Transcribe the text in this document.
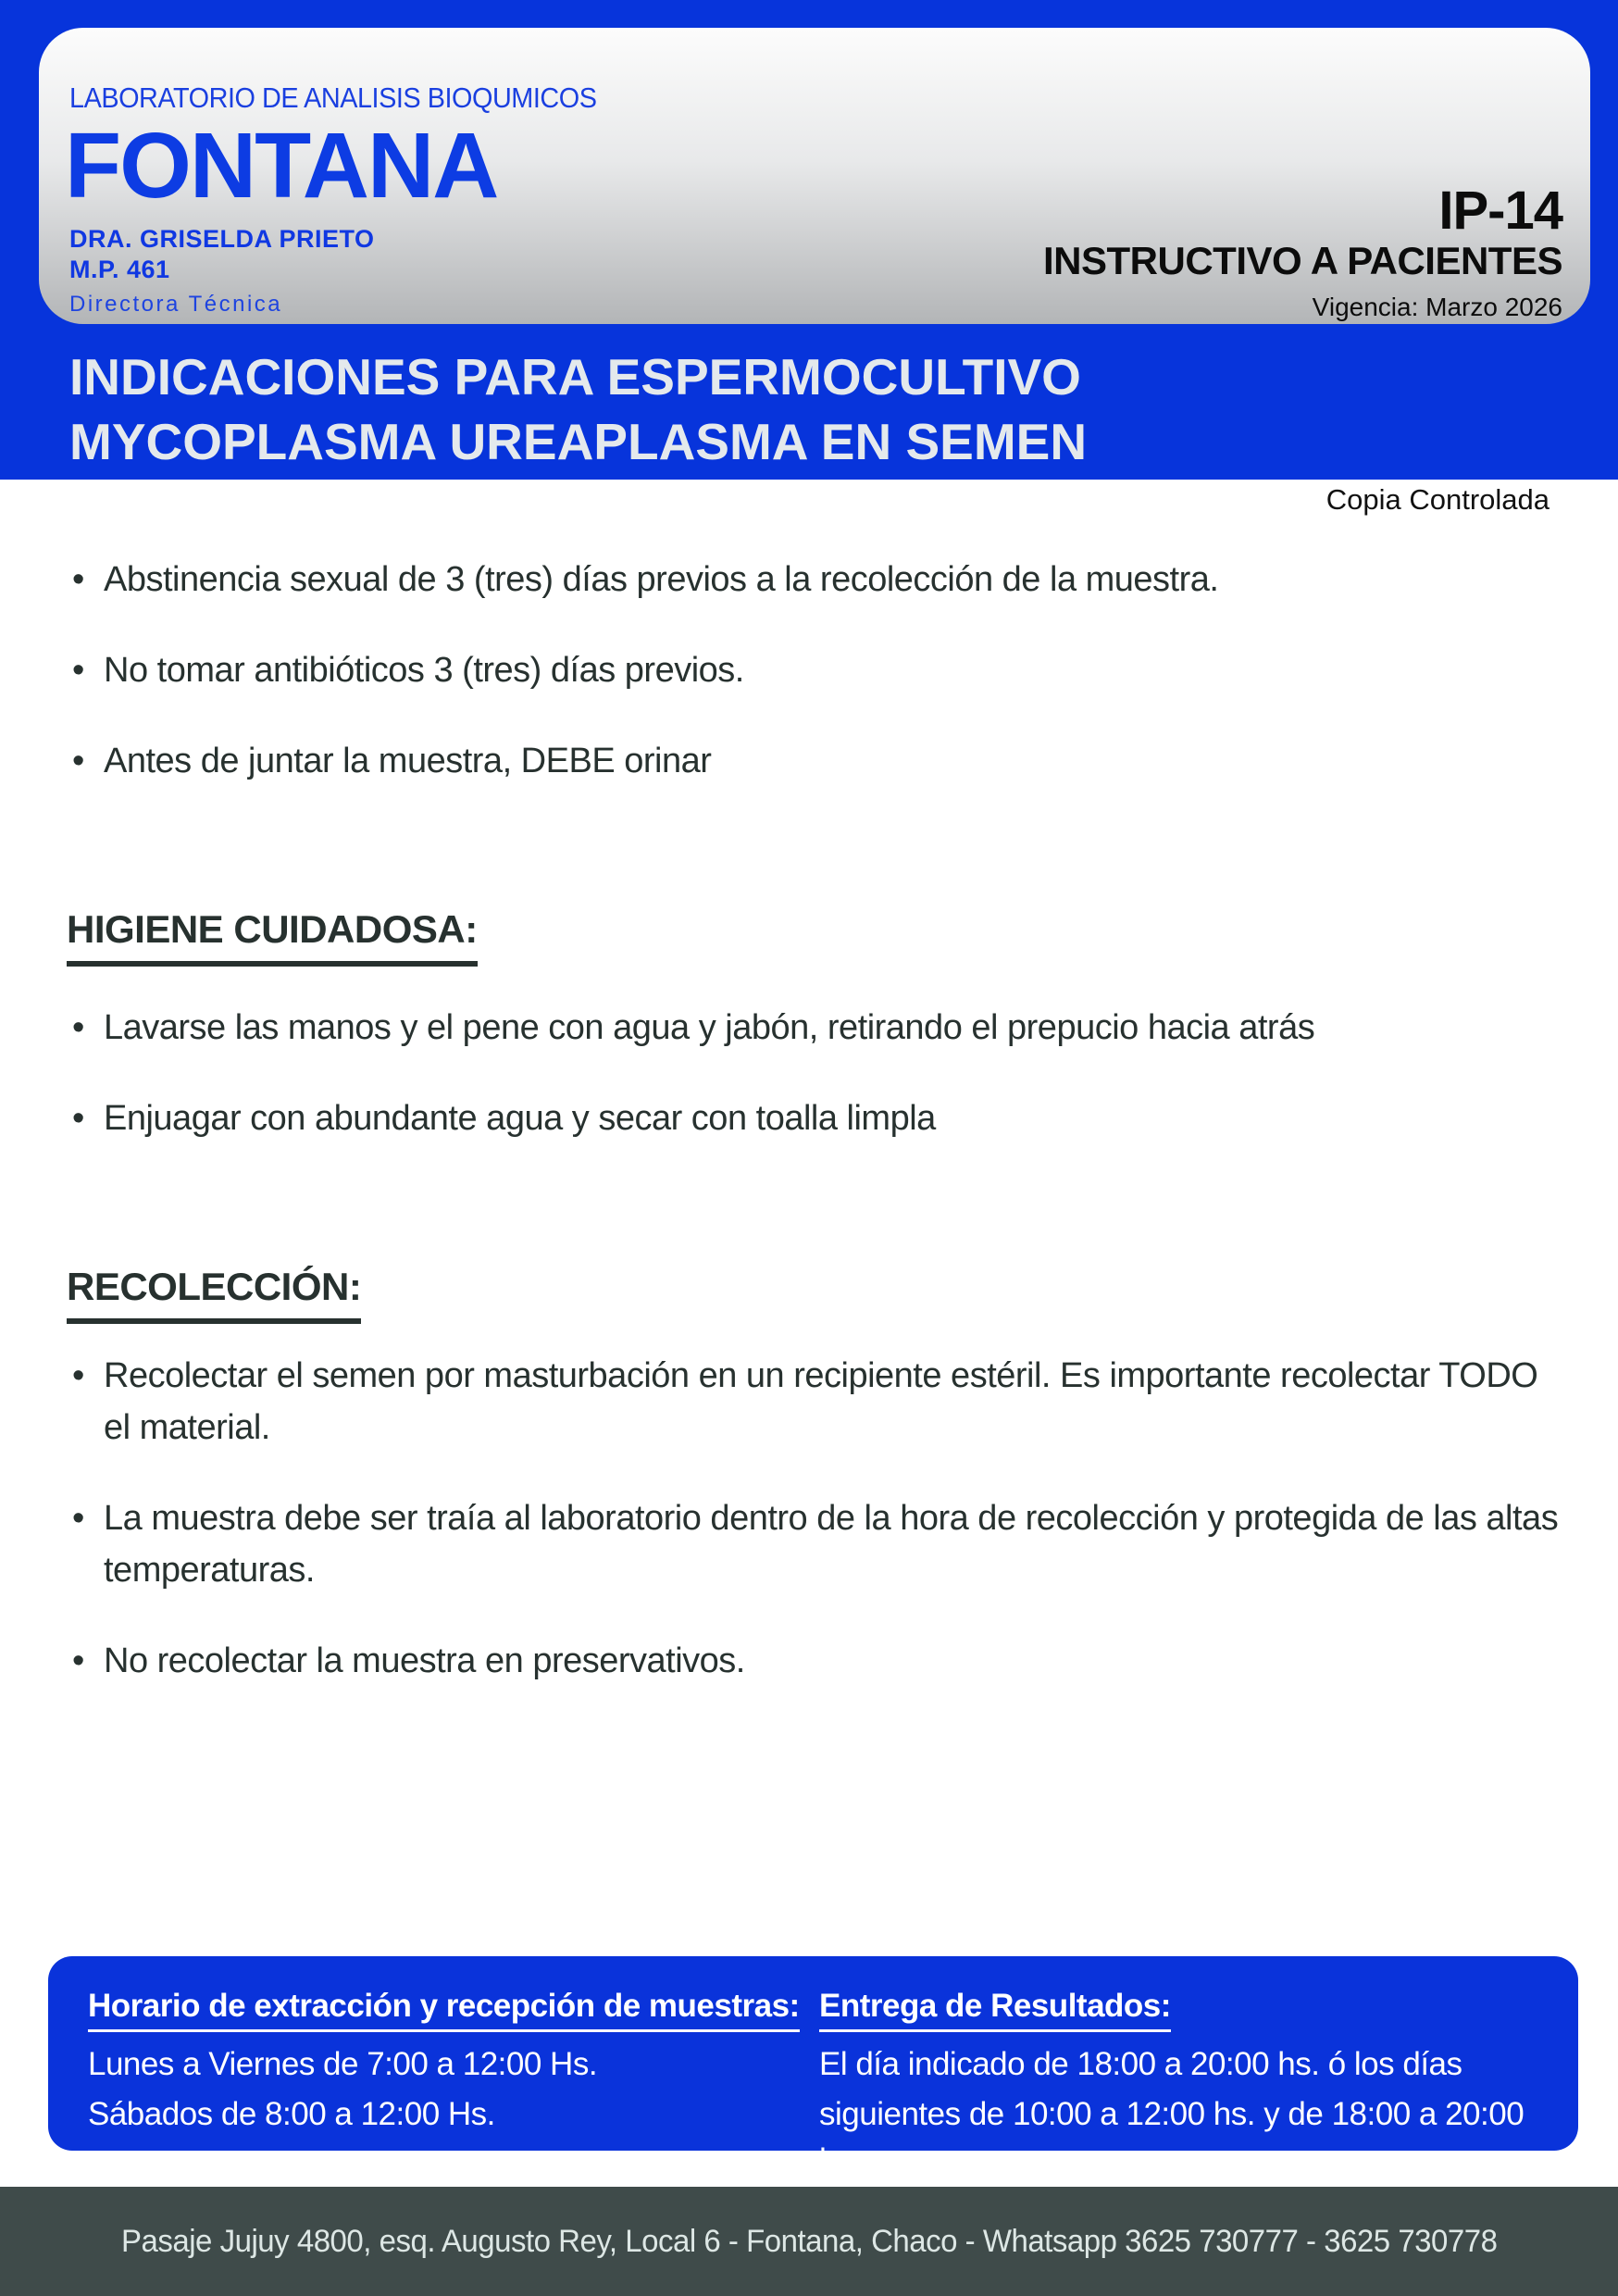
LABORATORIO DE ANALISIS BIOQUMICOS
FONTANA
DRA. GRISELDA PRIETO
M.P. 461
Directora Técnica
IP-14
INSTRUCTIVO A PACIENTES
Vigencia: Marzo 2026
INDICACIONES PARA ESPERMOCULTIVO
MYCOPLASMA UREAPLASMA EN SEMEN
Copia Controlada
• Abstinencia sexual de 3 (tres) días previos a la recolección de la muestra.
• No tomar antibióticos 3 (tres) días previos.
• Antes de juntar la muestra, DEBE orinar
HIGIENE CUIDADOSA:
• Lavarse las manos y el pene con agua y jabón, retirando el prepucio hacia atrás
• Enjuagar con abundante agua y secar con toalla limpla
RECOLECCIÓN:
• Recolectar el semen por masturbación en un recipiente estéril. Es importante recolectar TODO el material.
• La muestra debe ser traía al laboratorio dentro de la hora de recolección y protegida de las altas temperaturas.
• No recolectar la muestra en preservativos.
Horario de extracción y recepción de muestras:
Lunes a Viernes de 7:00 a 12:00 Hs.
Sábados de 8:00 a 12:00 Hs.
Entrega de Resultados:
El día indicado de 18:00 a 20:00 hs. ó los días
siguientes de 10:00 a 12:00 hs. y de 18:00 a 20:00 hs.
Pasaje Jujuy 4800, esq. Augusto Rey, Local 6 - Fontana, Chaco - Whatsapp 3625 730777 - 3625 730778
